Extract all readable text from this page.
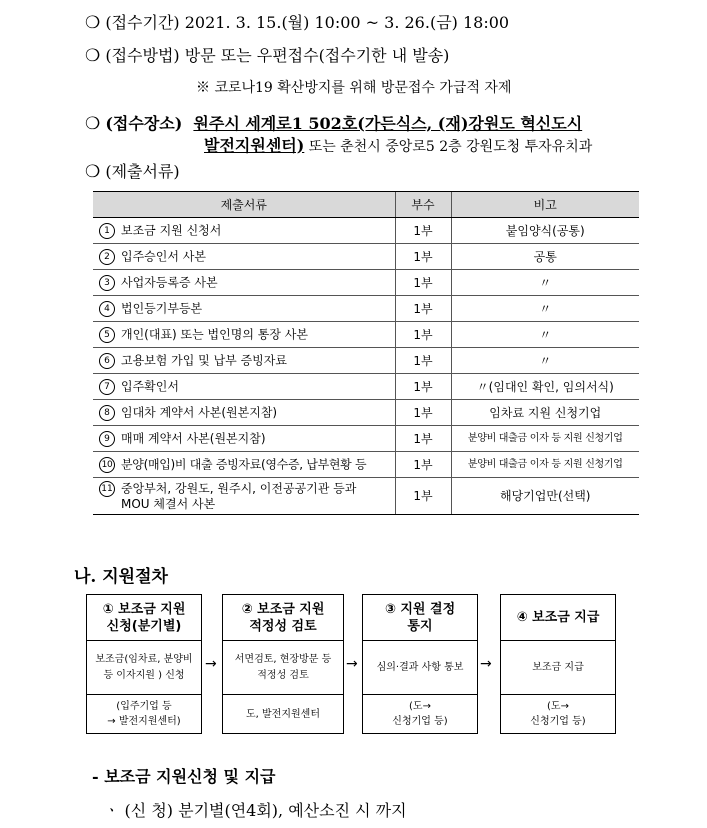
❍ (접수기간) 2021. 3. 15.(월) 10:00 ~ 3. 26.(금) 18:00
❍ (접수방법) 방문 또는 우편접수(접수기한 내 발송)
※ 코로나19 확산방지를 위해 방문접수 가급적 자제
❍ (접수장소) 원주시 세계로1 502호(가든식스, (재)강원도 혁신도시
발전지원센터) 또는 춘천시 중앙로5 2층 강원도청 투자유치과
❍ (제출서류)
제출서류	부수	비고
1 보조금 지원 신청서	1부	붙임양식(공통)
2 입주승인서 사본	1부	공통
3 사업자등록증 사본	1부	〃
4 법인등기부등본	1부	〃
5 개인(대표) 또는 법인명의 통장 사본	1부	〃
6 고용보험 가입 및 납부 증빙자료	1부	〃
7 입주확인서	1부	〃(임대인 확인, 임의서식)
8 임대차 계약서 사본(원본지참)	1부	임차료 지원 신청기업
9 매매 계약서 사본(원본지참)	1부	분양비 대출금 이자 등 지원 신청기업
10 분양(매입)비 대출 증빙자료(영수증, 납부현황 등	1부	분양비 대출금 이자 등 지원 신청기업
11 중앙부처, 강원도, 원주시, 이전공공기관 등과
MOU 체결서 사본	1부	해당기업만(선택)
나. 지원절차
① 보조금 지원
신청(분기별)
보조금(임차료, 분양비
등 이자지원 ) 신청
(입주기업 등
→ 발전지원센터)
→
② 보조금 지원
적정성 검토
서면검토, 현장방문 등
적정성 검토
도, 발전지원센터
→
③ 지원 결정
통지
심의·결과 사항 통보
(도→
신청기업 등)
→
④ 보조금 지급
보조금 지급
(도→
신청기업 등)
- 보조금 지원신청 및 지급
ㆍ (신 청) 분기별(연4회), 예산소진 시 까지
